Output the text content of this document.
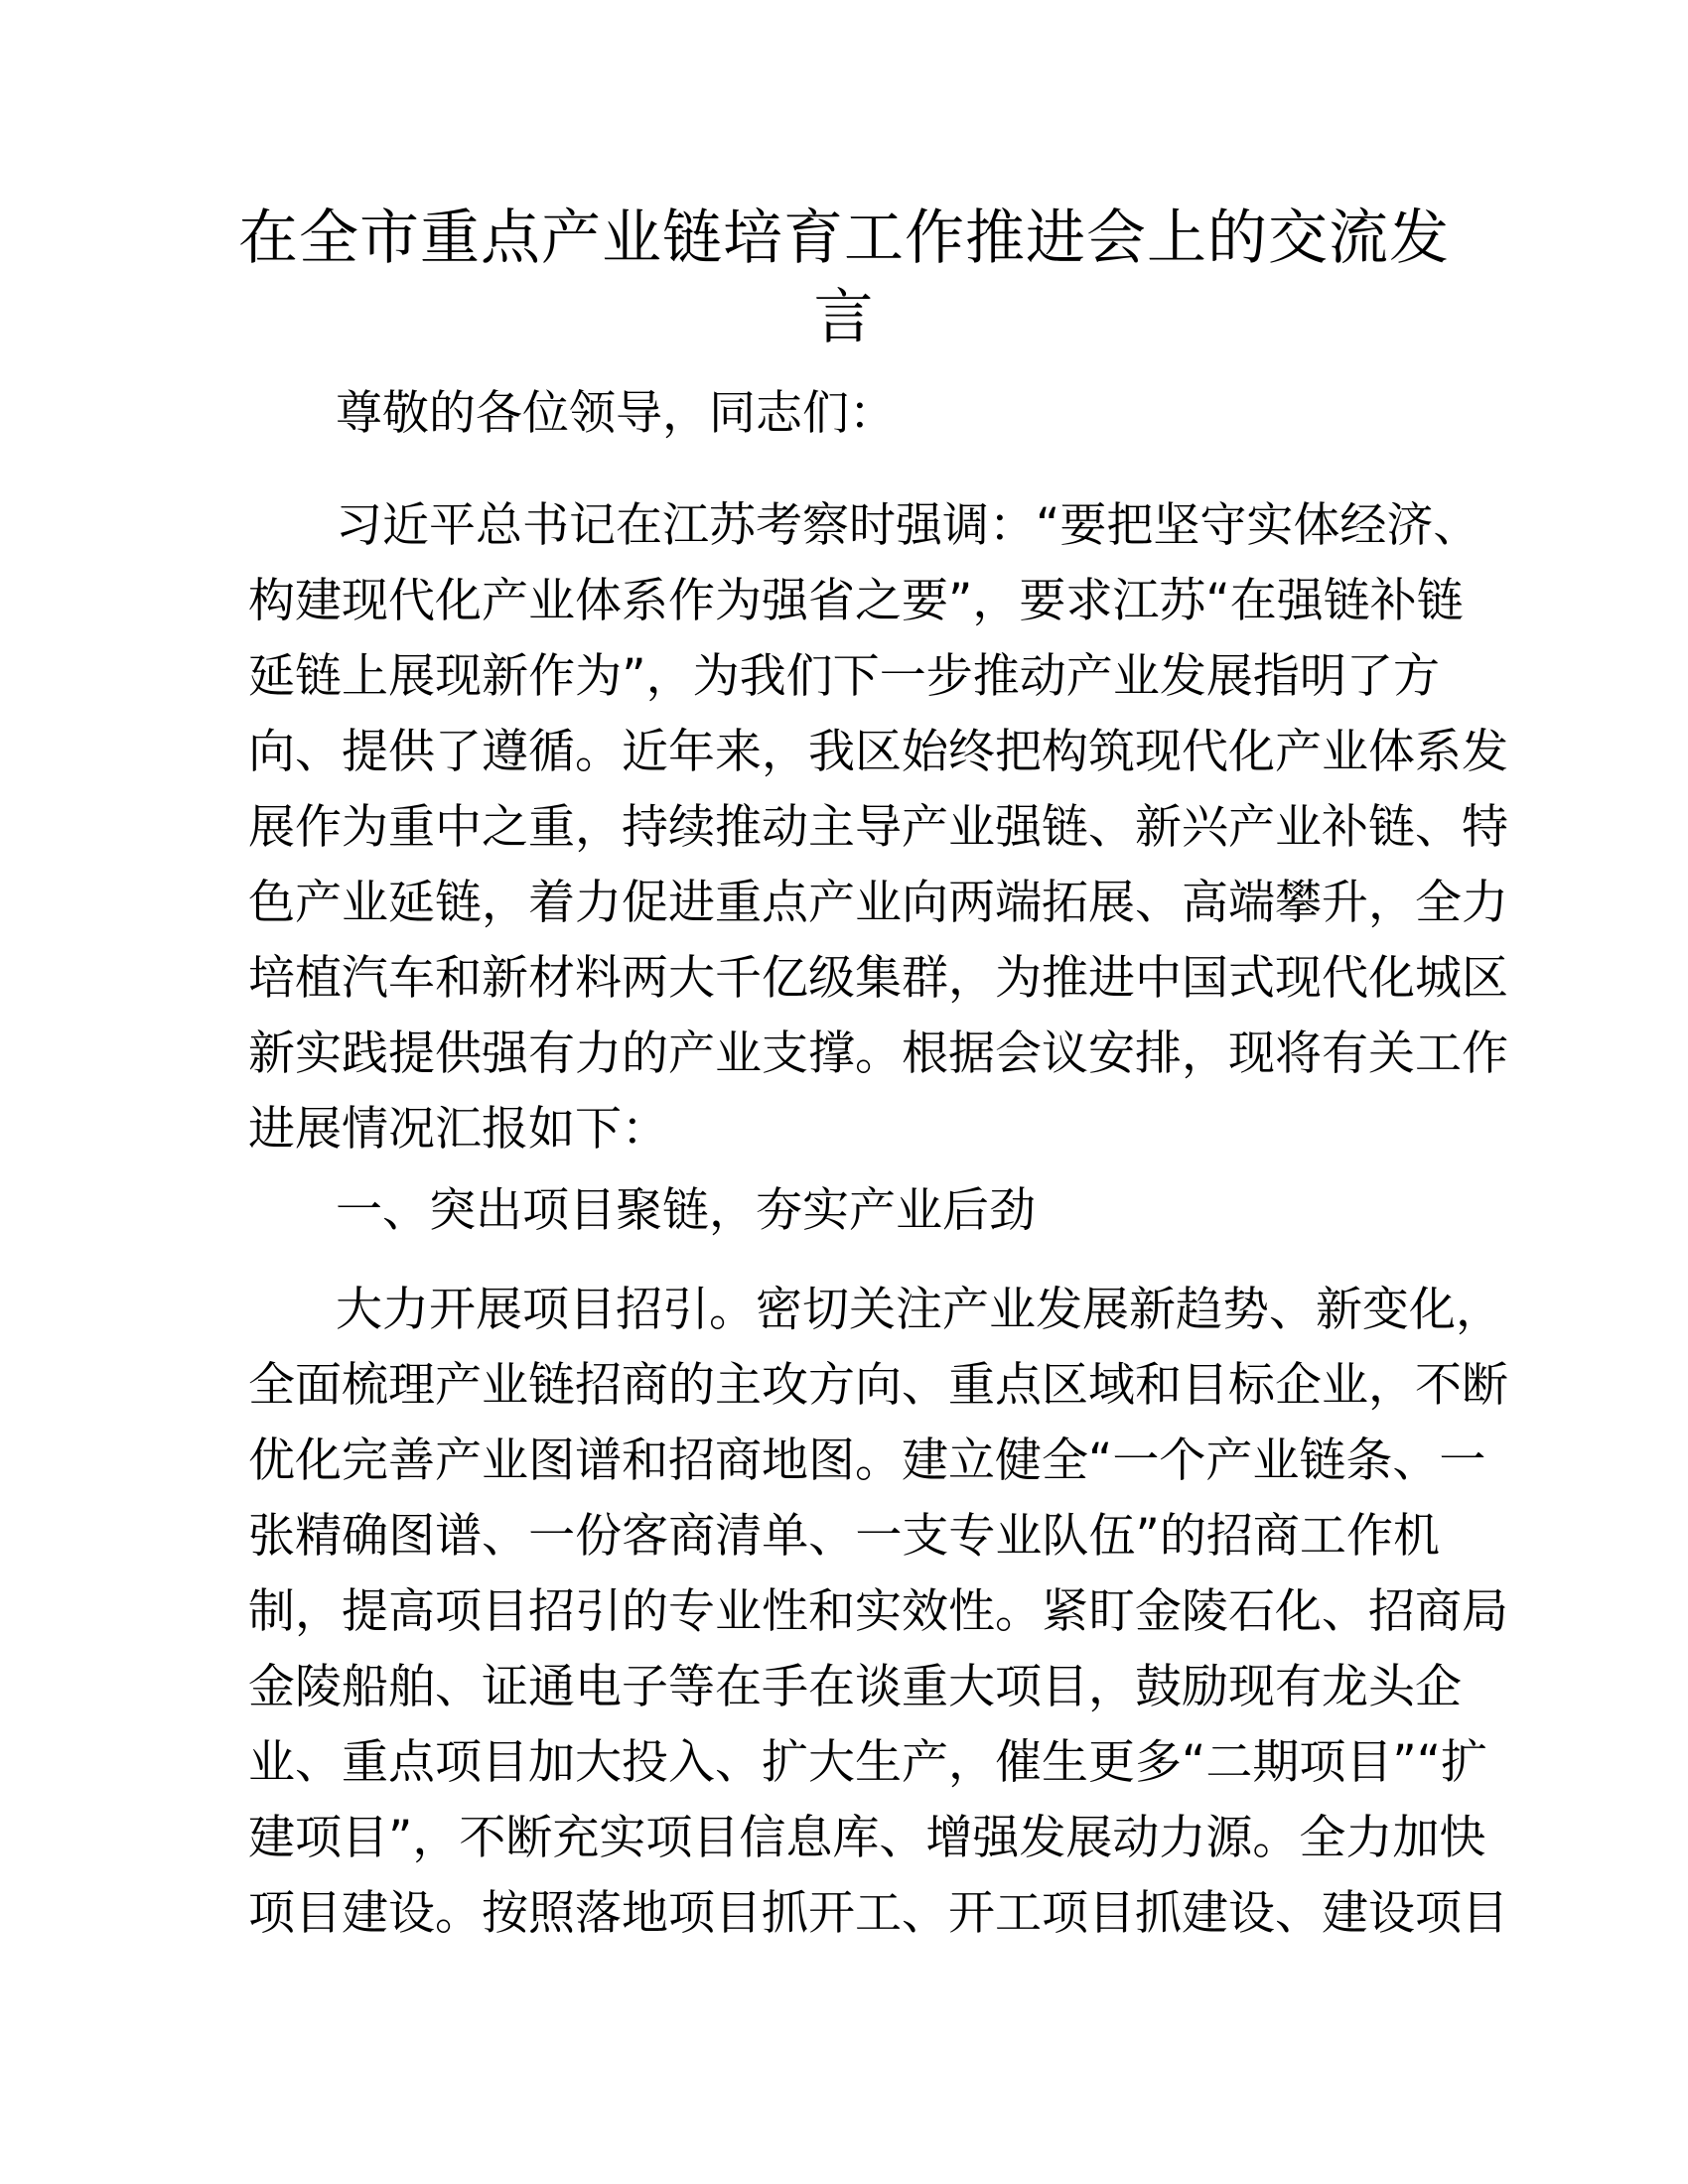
在全市重点产业链培育工作推进会上的交流发
言
尊敬的各位领导，同志们：
习近平总书记在江苏考察时强调：“要把坚守实体经济、
构建现代化产业体系作为强省之要”，要求江苏“在强链补链
延链上展现新作为”，为我们下一步推动产业发展指明了方
向、提供了遵循。近年来，我区始终把构筑现代化产业体系发
展作为重中之重，持续推动主导产业强链、新兴产业补链、特
色产业延链，着力促进重点产业向两端拓展、高端攀升，全力
培植汽车和新材料两大千亿级集群，为推进中国式现代化城区
新实践提供强有力的产业支撑。根据会议安排，现将有关工作
进展情况汇报如下：
一、突出项目聚链，夯实产业后劲
大力开展项目招引。密切关注产业发展新趋势、新变化，
全面梳理产业链招商的主攻方向、重点区域和目标企业，不断
优化完善产业图谱和招商地图。建立健全“一个产业链条、一
张精确图谱、一份客商清单、一支专业队伍”的招商工作机
制，提高项目招引的专业性和实效性。紧盯金陵石化、招商局
金陵船舶、证通电子等在手在谈重大项目，鼓励现有龙头企
业、重点项目加大投入、扩大生产，催生更多“二期项目”“扩
建项目”，不断充实项目信息库、增强发展动力源。全力加快
项目建设。按照落地项目抓开工、开工项目抓建设、建设项目
